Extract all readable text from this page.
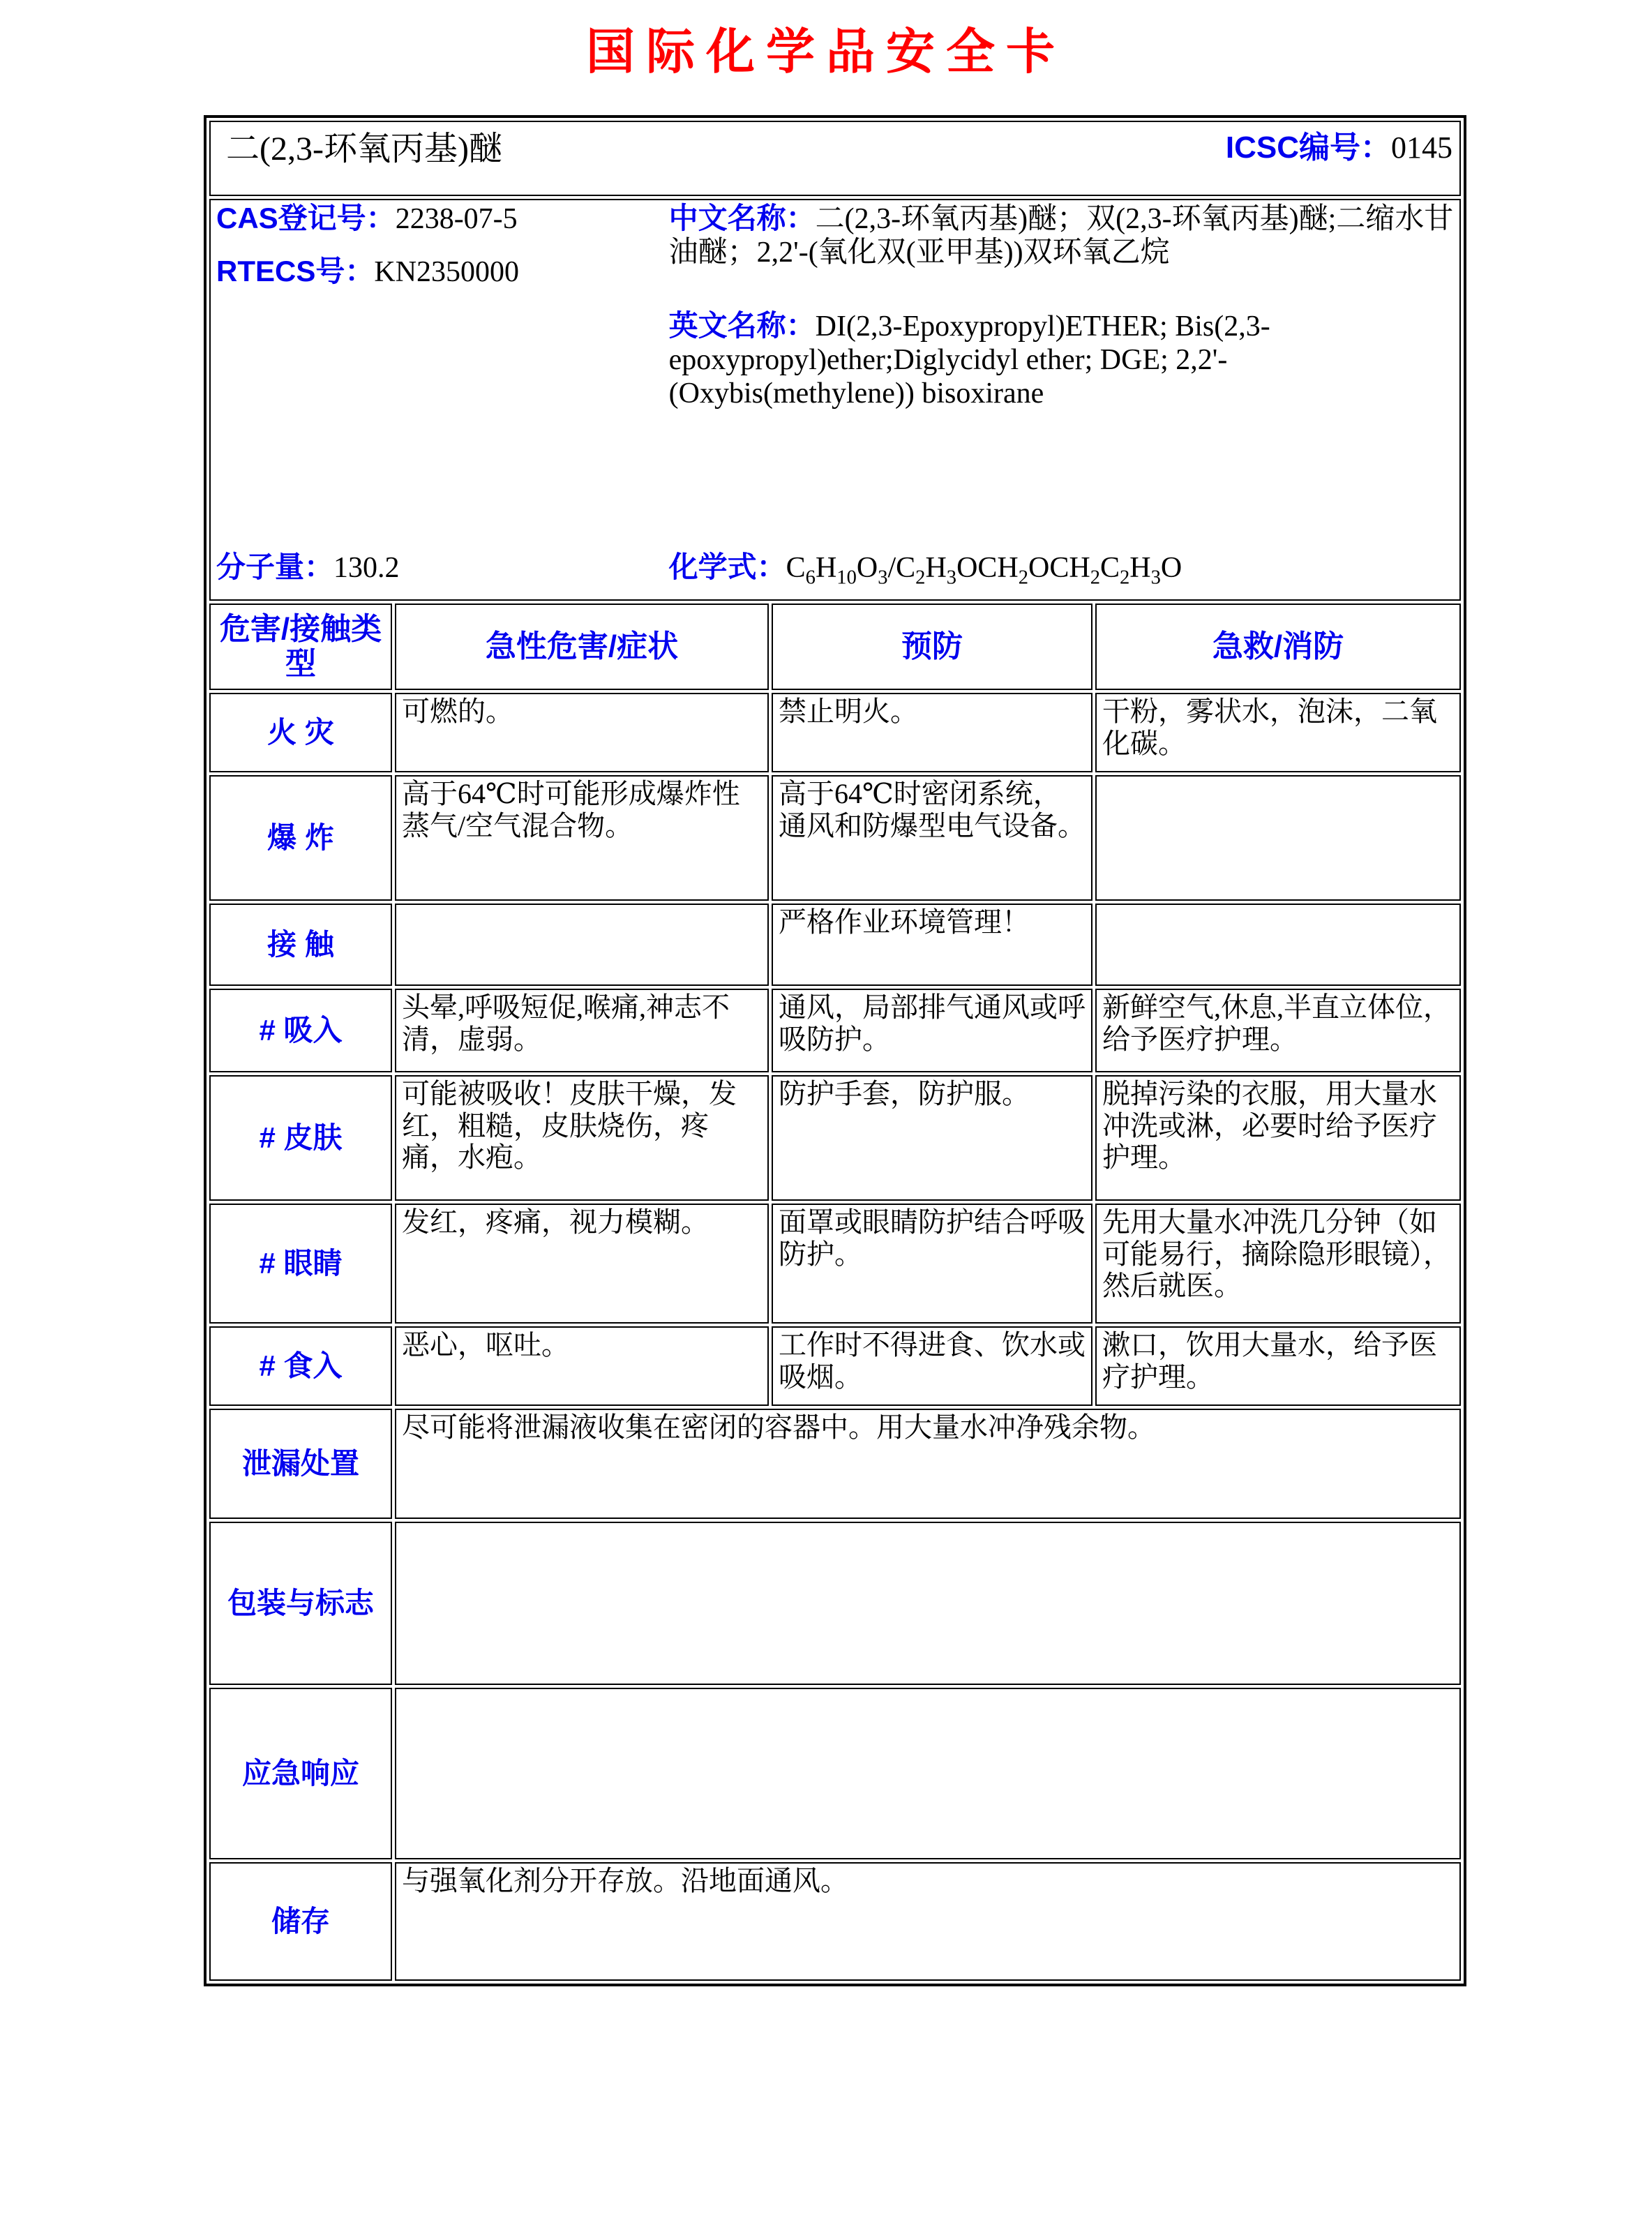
国际化学品安全卡
二(2,3-环氧丙基)醚 ICSC编号：0145			

CAS登记号：2238-07-5

RTECS号：KN2350000

中文名称：二(2,3-环氧丙基)醚；双(2,3-环氧丙基)醚;二缩水甘油醚；2,2'-(氧化双(亚甲基))双环氧乙烷

英文名称：DI(2,3-Epoxypropyl)ETHER; Bis(2,3-epoxypropyl)ether;Diglycidyl ether; DGE; 2,2'-(Oxybis(methylene)) bisoxirane

分子量：130.2	化学式：$C_6H_{10}O_3/C_2H_3OCH_2OCH_2C_2H_3O$

危害/接触类型	急性危害/症状	预防	急救/消防
火 灾	可燃的。	禁止明火。	干粉，雾状水，泡沫，二氧化碳。
爆 炸	高于64℃时可能形成爆炸性蒸气/空气混合物。	高于64℃时密闭系统，通风和防爆型电气设备。	
接 触		严格作业环境管理！	
# 吸入	头晕,呼吸短促,喉痛,神志不清，虚弱。	通风，局部排气通风或呼吸防护。	新鲜空气,休息,半直立体位，给予医疗护理。
# 皮肤	可能被吸收！皮肤干燥，发红，粗糙，皮肤烧伤，疼痛，水疱。	防护手套，防护服。	脱掉污染的衣服，用大量水冲洗或淋，必要时给予医疗护理。
# 眼睛	发红，疼痛，视力模糊。	面罩或眼睛防护结合呼吸防护。	先用大量水冲洗几分钟（如可能易行，摘除隐形眼镜），然后就医。
# 食入	恶心，呕吐。	工作时不得进食、饮水或吸烟。	漱口，饮用大量水，给予医疗护理。
泄漏处置	尽可能将泄漏液收集在密闭的容器中。用大量水冲净残余物。		
包装与标志			
应急响应			
储存	与强氧化剂分开存放。沿地面通风。		
